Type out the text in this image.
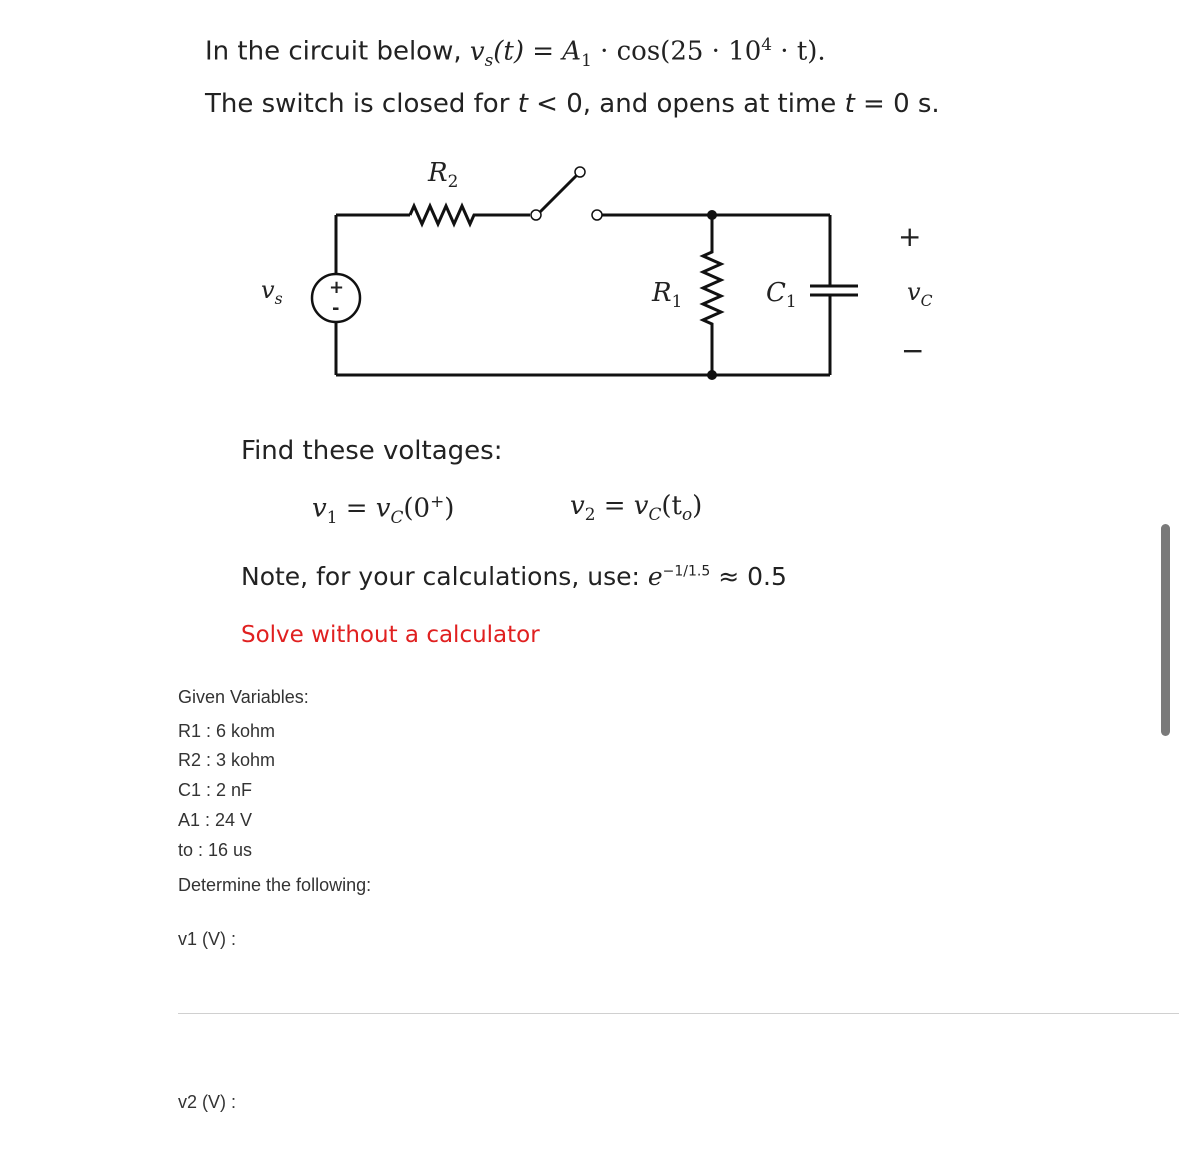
In the circuit below, $v_s(t) = A_1 \cdot \cos(25 \cdot 10^4 \cdot t)$.
The switch is closed for t < 0, and opens at time t = 0 s.
$R_2$
$R_1$	$C_1$
$v_s$	$v_C$
+
−
+
-
Find these voltages:
$v_1 = v_C(0^+)$	$v_2 = v_C(t_o)$
Note, for your calculations, use: $e^{-1/1.5} \approx 0.5$
Solve without a calculator
Given Variables:
R1 : 6 kohm
R2 : 3 kohm
C1 : 2 nF
A1 : 24 V
to : 16 us
Determine the following:
v1 (V) :
v2 (V) :
